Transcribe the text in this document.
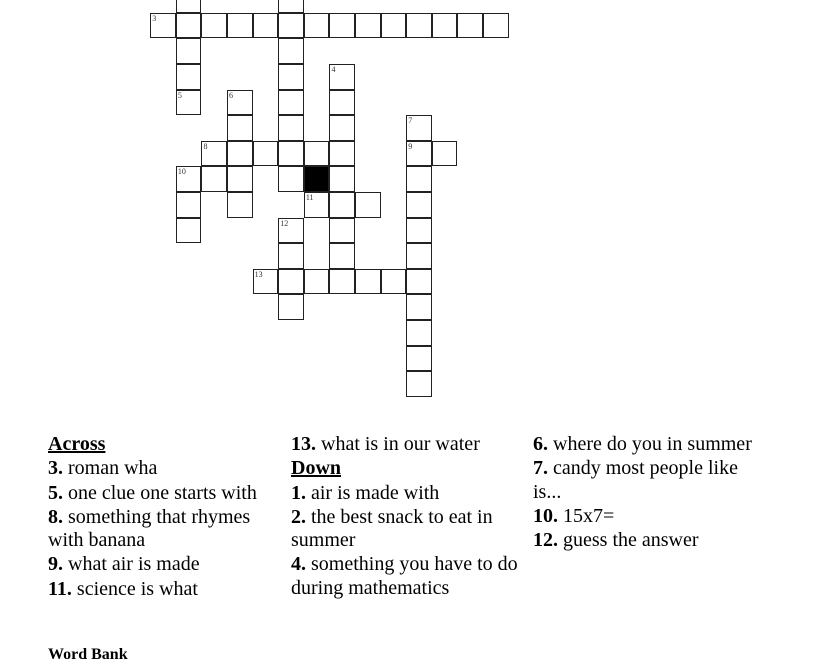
3
4
5	6
7
8	9
10
11
12
13
Across
3. roman wha
5. one clue one starts with
8. something that rhymes with banana
9. what air is made
11. science is what
13. what is in our water
Down
1. air is made with
2. the best snack to eat in summer
4. something you have to do during mathematics
6. where do you in summer
7. candy most people like is...
10. 15x7=
12. guess the answer
Word Bank
